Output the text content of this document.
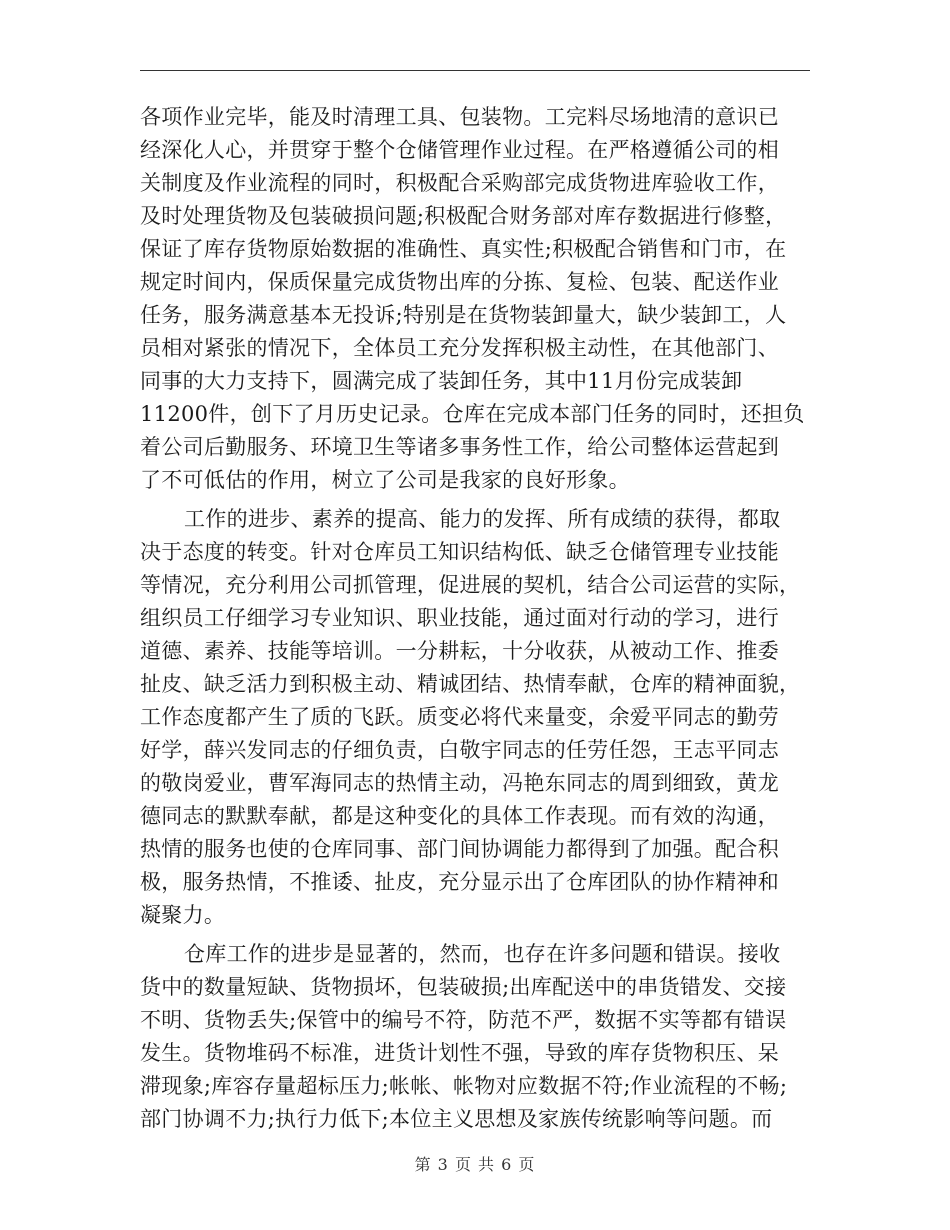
各项作业完毕，能及时清理工具、包装物。工完料尽场地清的意识已
经深化人心，并贯穿于整个仓储管理作业过程。在严格遵循公司的相
关制度及作业流程的同时，积极配合采购部完成货物进库验收工作，
及时处理货物及包装破损问题;积极配合财务部对库存数据进行修整，
保证了库存货物原始数据的准确性、真实性;积极配合销售和门市，在
规定时间内，保质保量完成货物出库的分拣、复检、包装、配送作业
任务，服务满意基本无投诉;特别是在货物装卸量大，缺少装卸工，人
员相对紧张的情况下，全体员工充分发挥积极主动性，在其他部门、
同事的大力支持下，圆满完成了装卸任务，其中11月份完成装卸
11200件，创下了月历史记录。仓库在完成本部门任务的同时，还担负
着公司后勤服务、环境卫生等诸多事务性工作，给公司整体运营起到
了不可低估的作用，树立了公司是我家的良好形象。
工作的进步、素养的提高、能力的发挥、所有成绩的获得，都取
决于态度的转变。针对仓库员工知识结构低、缺乏仓储管理专业技能
等情况，充分利用公司抓管理，促进展的契机，结合公司运营的实际，
组织员工仔细学习专业知识、职业技能，通过面对行动的学习，进行
道德、素养、技能等培训。一分耕耘，十分收获，从被动工作、推委
扯皮、缺乏活力到积极主动、精诚团结、热情奉献，仓库的精神面貌，
工作态度都产生了质的飞跃。质变必将代来量变，余爱平同志的勤劳
好学，薛兴发同志的仔细负责，白敬宇同志的任劳任怨，王志平同志
的敬岗爱业，曹军海同志的热情主动，冯艳东同志的周到细致，黄龙
德同志的默默奉献，都是这种变化的具体工作表现。而有效的沟通，
热情的服务也使的仓库同事、部门间协调能力都得到了加强。配合积
极，服务热情，不推诿、扯皮，充分显示出了仓库团队的协作精神和
凝聚力。
仓库工作的进步是显著的，然而，也存在许多问题和错误。接收
货中的数量短缺、货物损坏，包装破损;出库配送中的串货错发、交接
不明、货物丢失;保管中的编号不符，防范不严，数据不实等都有错误
发生。货物堆码不标准，进货计划性不强，导致的库存货物积压、呆
滞现象;库容存量超标压力;帐帐、帐物对应数据不符;作业流程的不畅;
部门协调不力;执行力低下;本位主义思想及家族传统影响等问题。而
第 3 页 共 6 页
